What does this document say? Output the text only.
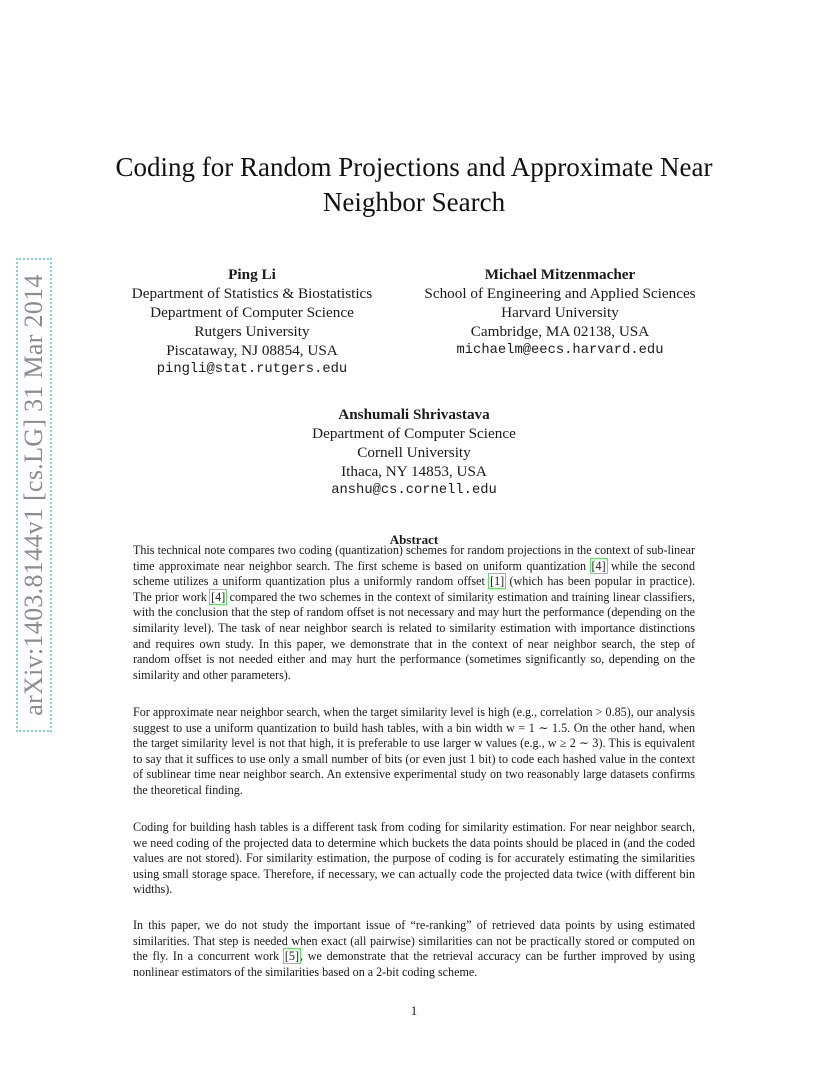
arXiv:1403.8144v1 [cs.LG] 31 Mar 2014
Coding for Random Projections and Approximate Near
Neighbor Search
Ping Li
Department of Statistics & Biostatistics
Department of Computer Science
Rutgers University
Piscataway, NJ 08854, USA
pingli@stat.rutgers.edu
Michael Mitzenmacher
School of Engineering and Applied Sciences
Harvard University
Cambridge, MA 02138, USA
michaelm@eecs.harvard.edu
Anshumali Shrivastava
Department of Computer Science
Cornell University
Ithaca, NY 14853, USA
anshu@cs.cornell.edu
Abstract

This technical note compares two coding (quantization) schemes for random projections in the context of sub-linear time approximate near neighbor search. The first scheme is based on uniform quantization [4] while the second scheme utilizes a uniform quantization plus a uniformly random offset [1] (which has been popular in practice). The prior work [4] compared the two schemes in the context of similarity estimation and training linear classifiers, with the conclusion that the step of random offset is not necessary and may hurt the performance (depending on the similarity level). The task of near neighbor search is related to similarity estimation with importance distinctions and requires own study. In this paper, we demonstrate that in the context of near neighbor search, the step of random offset is not needed either and may hurt the performance (sometimes significantly so, depending on the similarity and other parameters).

For approximate near neighbor search, when the target similarity level is high (e.g., correlation > 0.85), our analysis suggest to use a uniform quantization to build hash tables, with a bin width w = 1 ∼ 1.5. On the other hand, when the target similarity level is not that high, it is preferable to use larger w values (e.g., w ≥ 2 ∼ 3). This is equivalent to say that it suffices to use only a small number of bits (or even just 1 bit) to code each hashed value in the context of sublinear time near neighbor search. An extensive experimental study on two reasonably large datasets confirms the theoretical finding.

Coding for building hash tables is a different task from coding for similarity estimation. For near neighbor search, we need coding of the projected data to determine which buckets the data points should be placed in (and the coded values are not stored). For similarity estimation, the purpose of coding is for accurately estimating the similarities using small storage space. Therefore, if necessary, we can actually code the projected data twice (with different bin widths).

In this paper, we do not study the important issue of “re-ranking” of retrieved data points by using estimated similarities. That step is needed when exact (all pairwise) similarities can not be practically stored or computed on the fly. In a concurrent work [5], we demonstrate that the retrieval accuracy can be further improved by using nonlinear estimators of the similarities based on a 2-bit coding scheme.

1
